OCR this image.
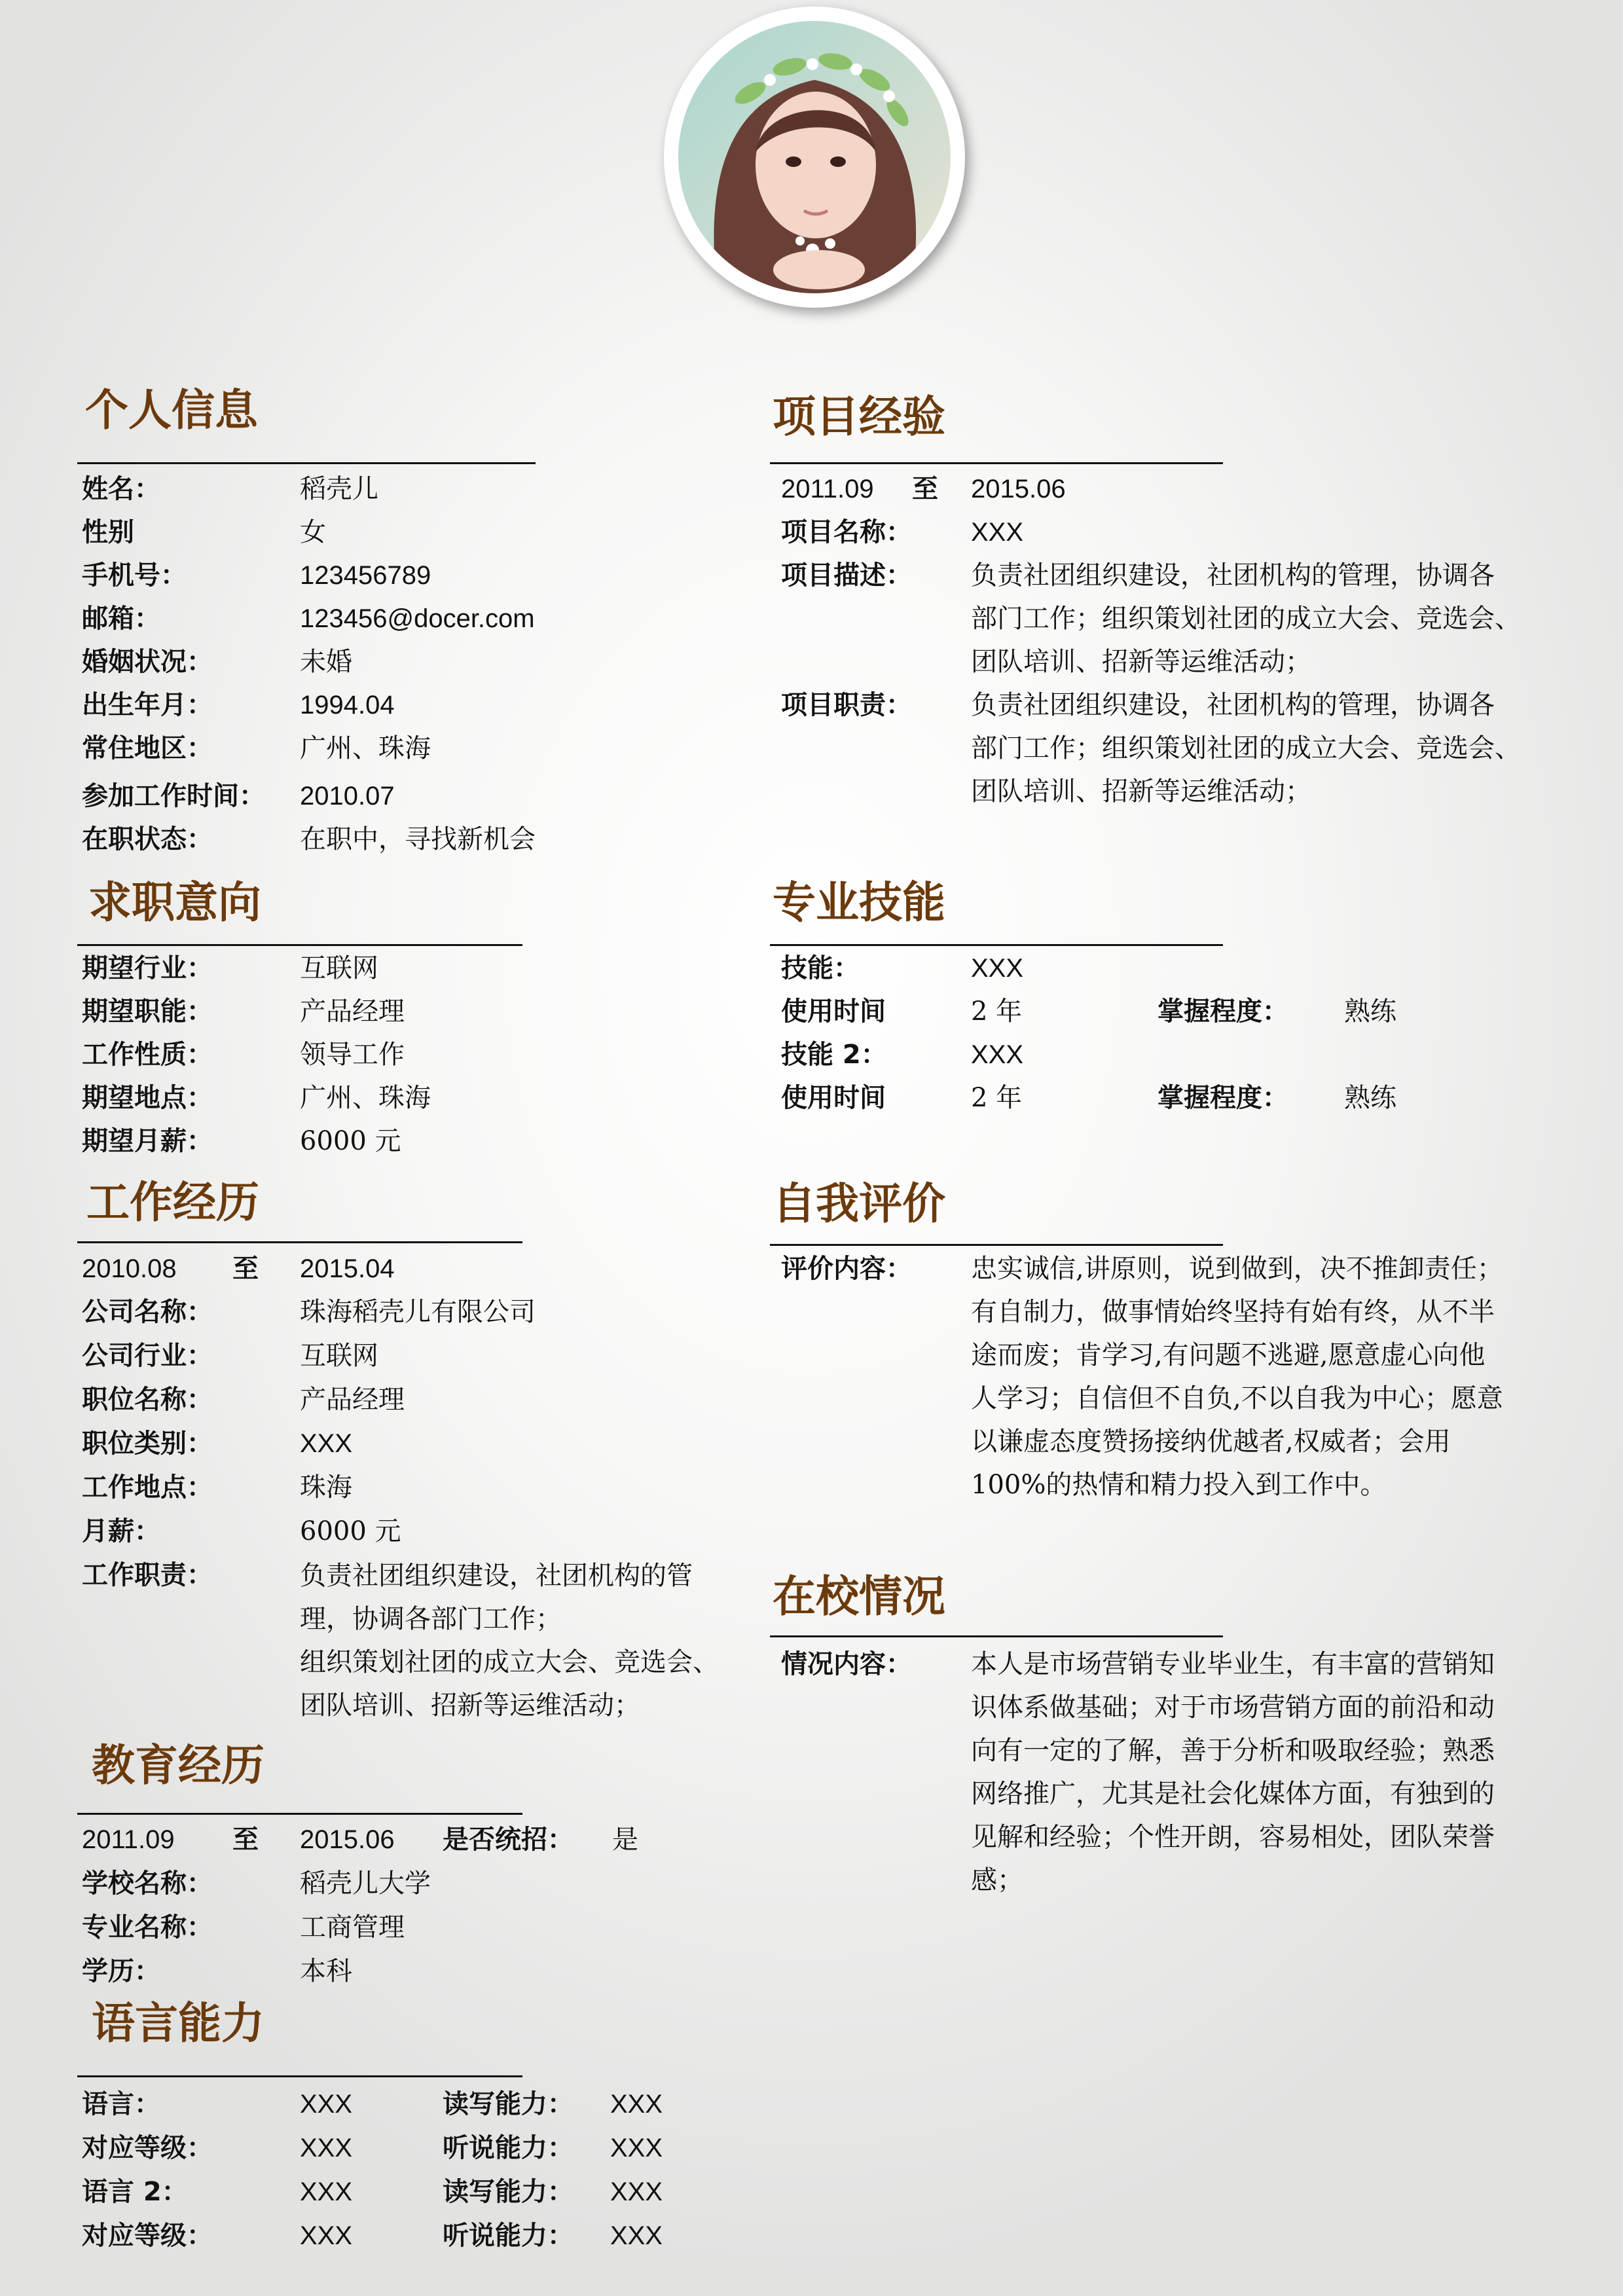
个人信息
姓名：	稻壳儿
性别	女
手机号：	123456789
邮箱：	123456@docer.com
婚姻状况：	未婚
出生年月：	1994.04
常住地区：	广州、珠海
参加工作时间： 2010.07
在职状态：	在职中，寻找新机会
求职意向
期望行业：	互联网
期望职能：	产品经理
工作性质：	领导工作
期望地点：	广州、珠海
期望月薪：	6000 元
工作经历
2010.08 至 2015.04
公司名称：	珠海稻壳儿有限公司
公司行业：	互联网
职位名称：	产品经理
职位类别：	XXX
工作地点：	珠海
月薪：	6000 元
工作职责：	负责社团组织建设，社团机构的管
理，协调各部门工作；
组织策划社团的成立大会、竞选会、
团队培训、招新等运维活动；
教育经历
2011.09 至 2015.06 是否统招： 是
学校名称：	稻壳儿大学
专业名称：	工商管理
学历：	本科
语言能力
语言：	XXX	读写能力： XXX
对应等级：	XXX	听说能力： XXX
语言 2：	XXX	读写能力： XXX
对应等级：	XXX	听说能力： XXX
项目经验
2011.09 至 2015.06
项目名称： XXX
项目描述： 负责社团组织建设，社团机构的管理，协调各
部门工作；组织策划社团的成立大会、竞选会、
团队培训、招新等运维活动；
项目职责： 负责社团组织建设，社团机构的管理，协调各
部门工作；组织策划社团的成立大会、竞选会、
团队培训、招新等运维活动；
专业技能
技能：	XXX
使用时间	2 年	掌握程度： 熟练
技能 2：	XXX
使用时间	2 年	掌握程度： 熟练
自我评价
评价内容： 忠实诚信,讲原则，说到做到，决不推卸责任；
有自制力，做事情始终坚持有始有终，从不半
途而废；肯学习,有问题不逃避,愿意虚心向他
人学习；自信但不自负,不以自我为中心；愿意
以谦虚态度赞扬接纳优越者,权威者；会用
100%的热情和精力投入到工作中。
在校情况
情况内容： 本人是市场营销专业毕业生，有丰富的营销知
识体系做基础；对于市场营销方面的前沿和动
向有一定的了解，善于分析和吸取经验；熟悉
网络推广，尤其是社会化媒体方面，有独到的
见解和经验；个性开朗，容易相处，团队荣誉
感；
